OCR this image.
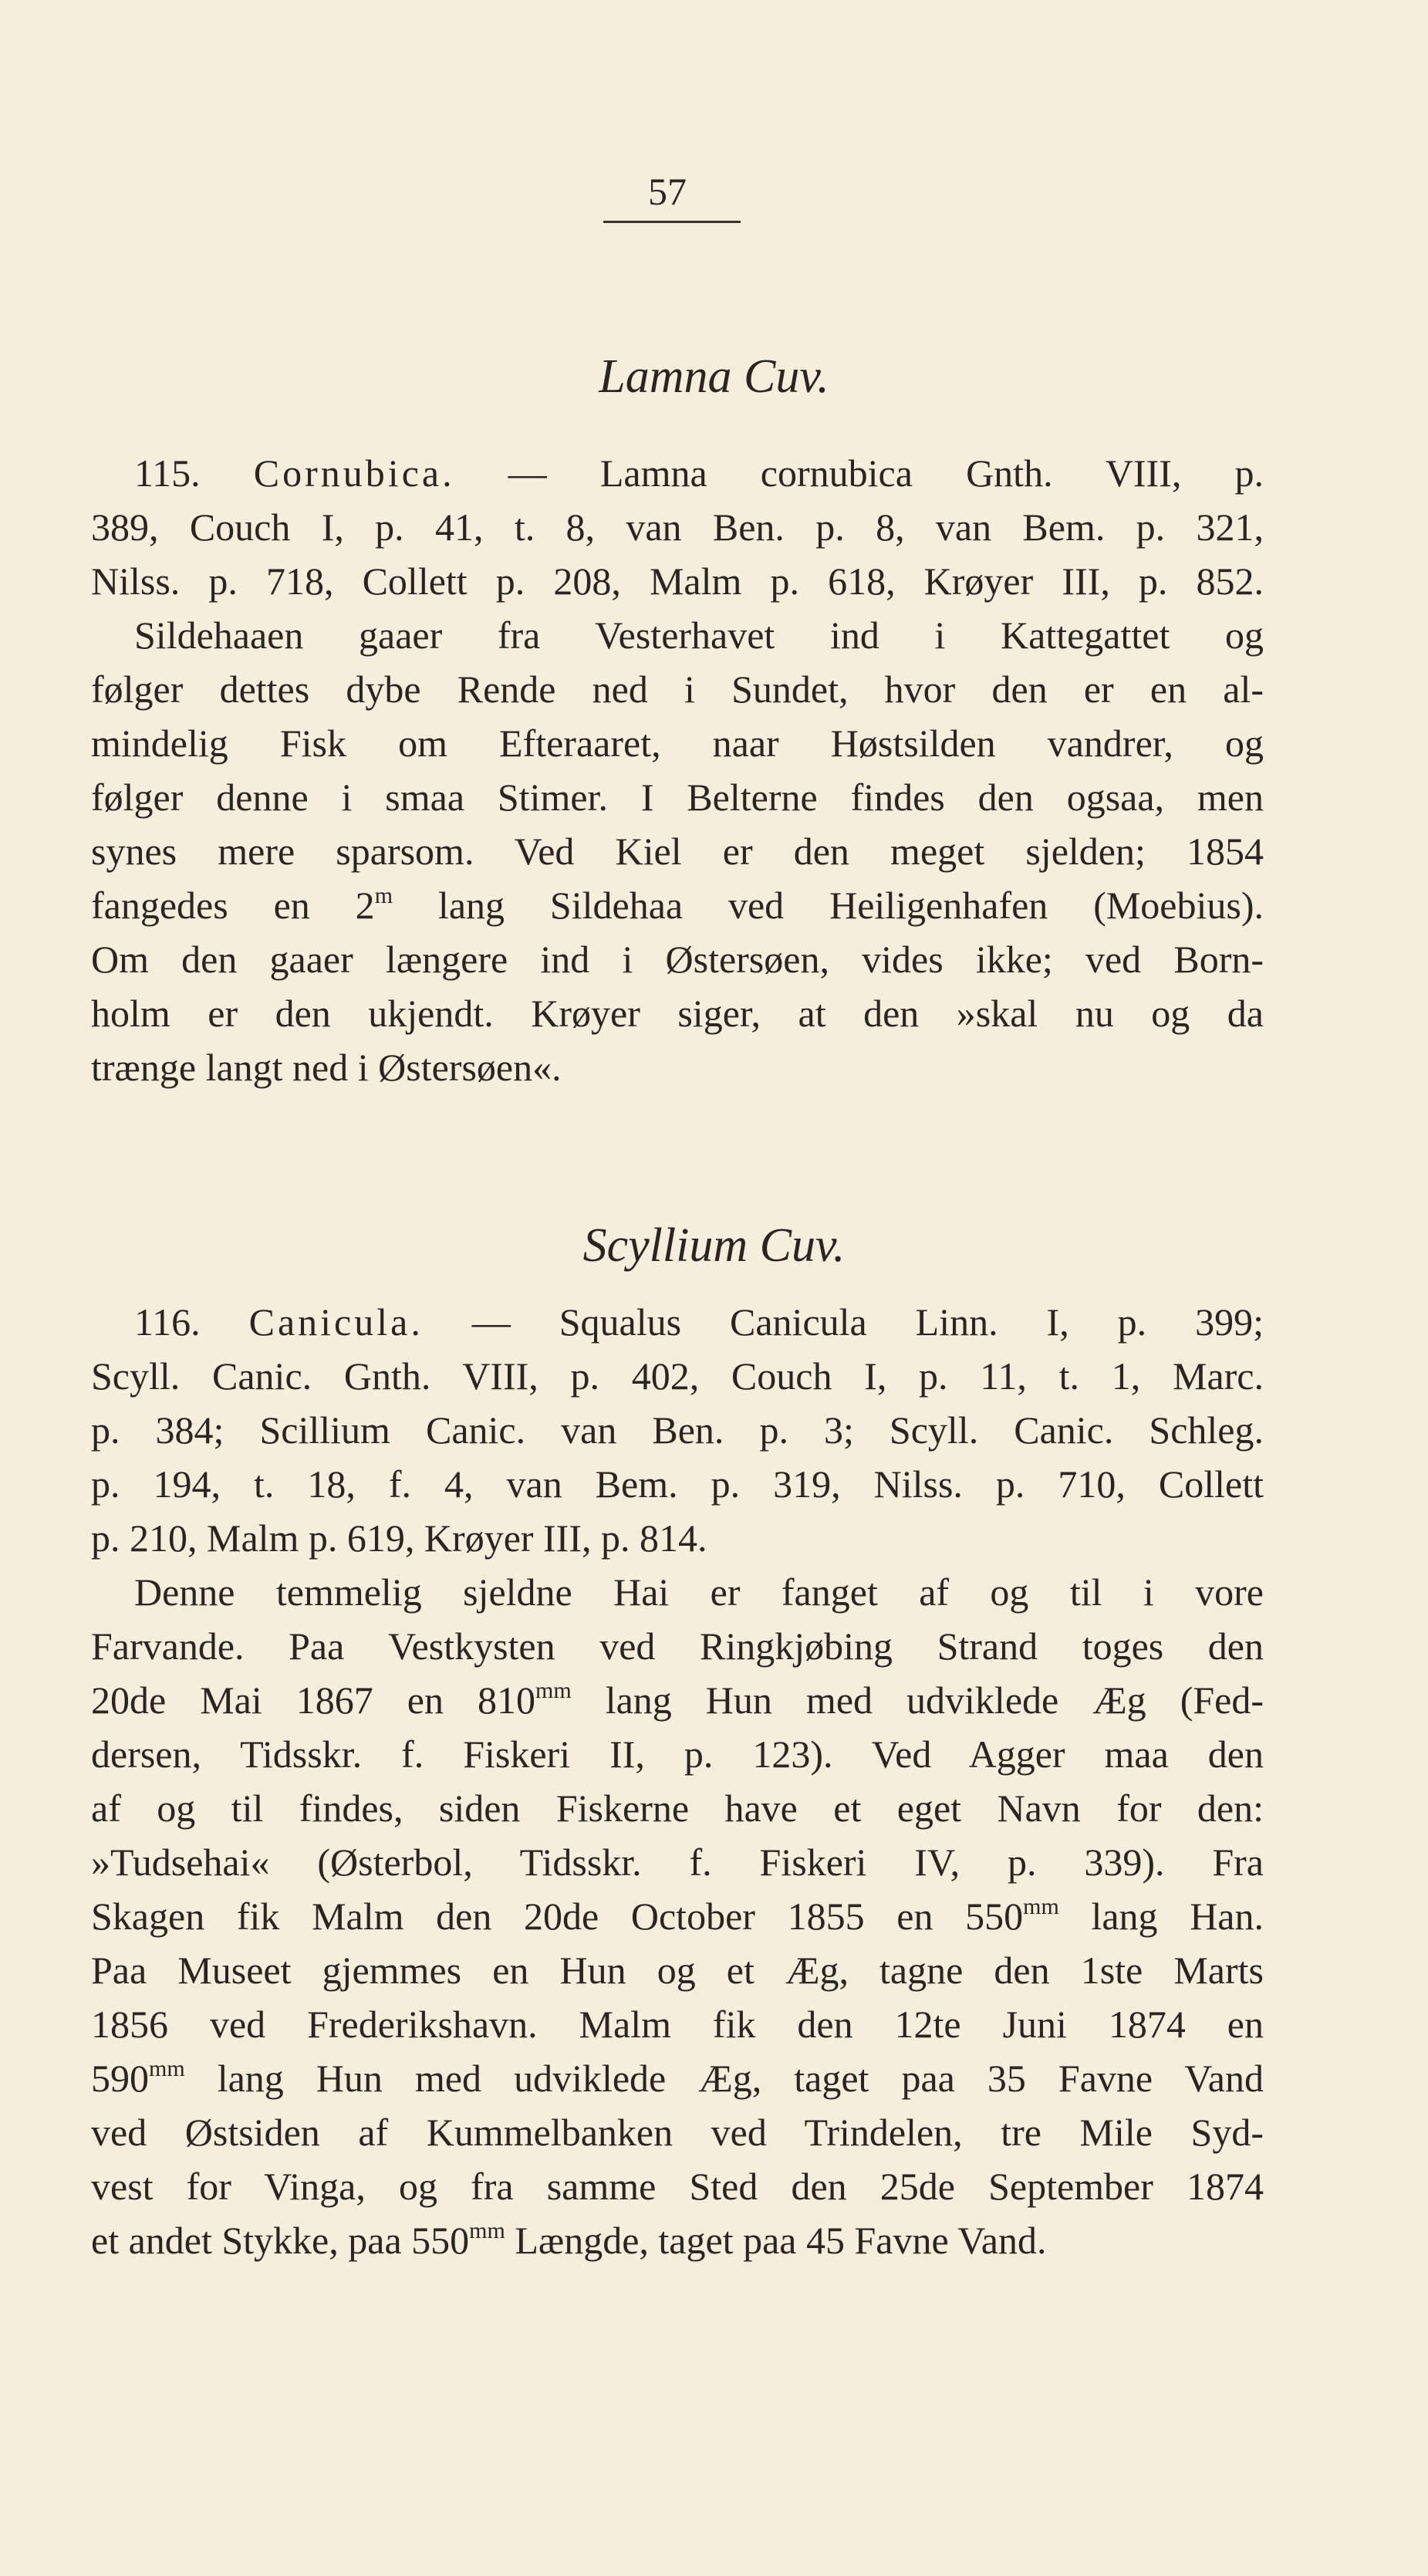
57
Lamna Cuv.
115. Cornubica. — Lamna cornubica Gnth. VIII, p.
389, Couch I, p. 41, t. 8, van Ben. p. 8, van Bem. p. 321,
Nilss. p. 718, Collett p. 208, Malm p. 618, Krøyer III, p. 852.
Sildehaaen gaaer fra Vesterhavet ind i Kattegattet og
følger dettes dybe Rende ned i Sundet, hvor den er en al-
mindelig Fisk om Efteraaret, naar Høstsilden vandrer, og
følger denne i smaa Stimer. I Belterne findes den ogsaa, men
synes mere sparsom. Ved Kiel er den meget sjelden; 1854
fangedes en 2$^m$ lang Sildehaa ved Heiligenhafen (Moebius).
Om den gaaer længere ind i Østersøen, vides ikke; ved Born-
holm er den ukjendt. Krøyer siger, at den »skal nu og da
trænge langt ned i Østersøen«.
Scyllium Cuv.
116. Canicula. — Squalus Canicula Linn. I, p. 399;
Scyll. Canic. Gnth. VIII, p. 402, Couch I, p. 11, t. 1, Marc.
p. 384; Scillium Canic. van Ben. p. 3; Scyll. Canic. Schleg.
p. 194, t. 18, f. 4, van Bem. p. 319, Nilss. p. 710, Collett
p. 210, Malm p. 619, Krøyer III, p. 814.
Denne temmelig sjeldne Hai er fanget af og til i vore
Farvande. Paa Vestkysten ved Ringkjøbing Strand toges den
20de Mai 1867 en $810^{mm}$ lang Hun med udviklede Æg (Fed-
dersen, Tidsskr. f. Fiskeri II, p. 123). Ved Agger maa den
af og til findes, siden Fiskerne have et eget Navn for den:
»Tudsehai« (Østerbol, Tidsskr. f. Fiskeri IV, p. 339). Fra
Skagen fik Malm den 20de October 1855 en $550^{mm}$ lang Han.
Paa Museet gjemmes en Hun og et Æg, tagne den 1ste Marts
1856 ved Frederikshavn. Malm fik den 12te Juni 1874 en
$590^{mm}$ lang Hun med udviklede Æg, taget paa 35 Favne Vand
ved Østsiden af Kummelbanken ved Trindelen, tre Mile Syd-
vest for Vinga, og fra samme Sted den 25de September 1874
et andet Stykke, paa $550^{mm}$ Længde, taget paa 45 Favne Vand.
